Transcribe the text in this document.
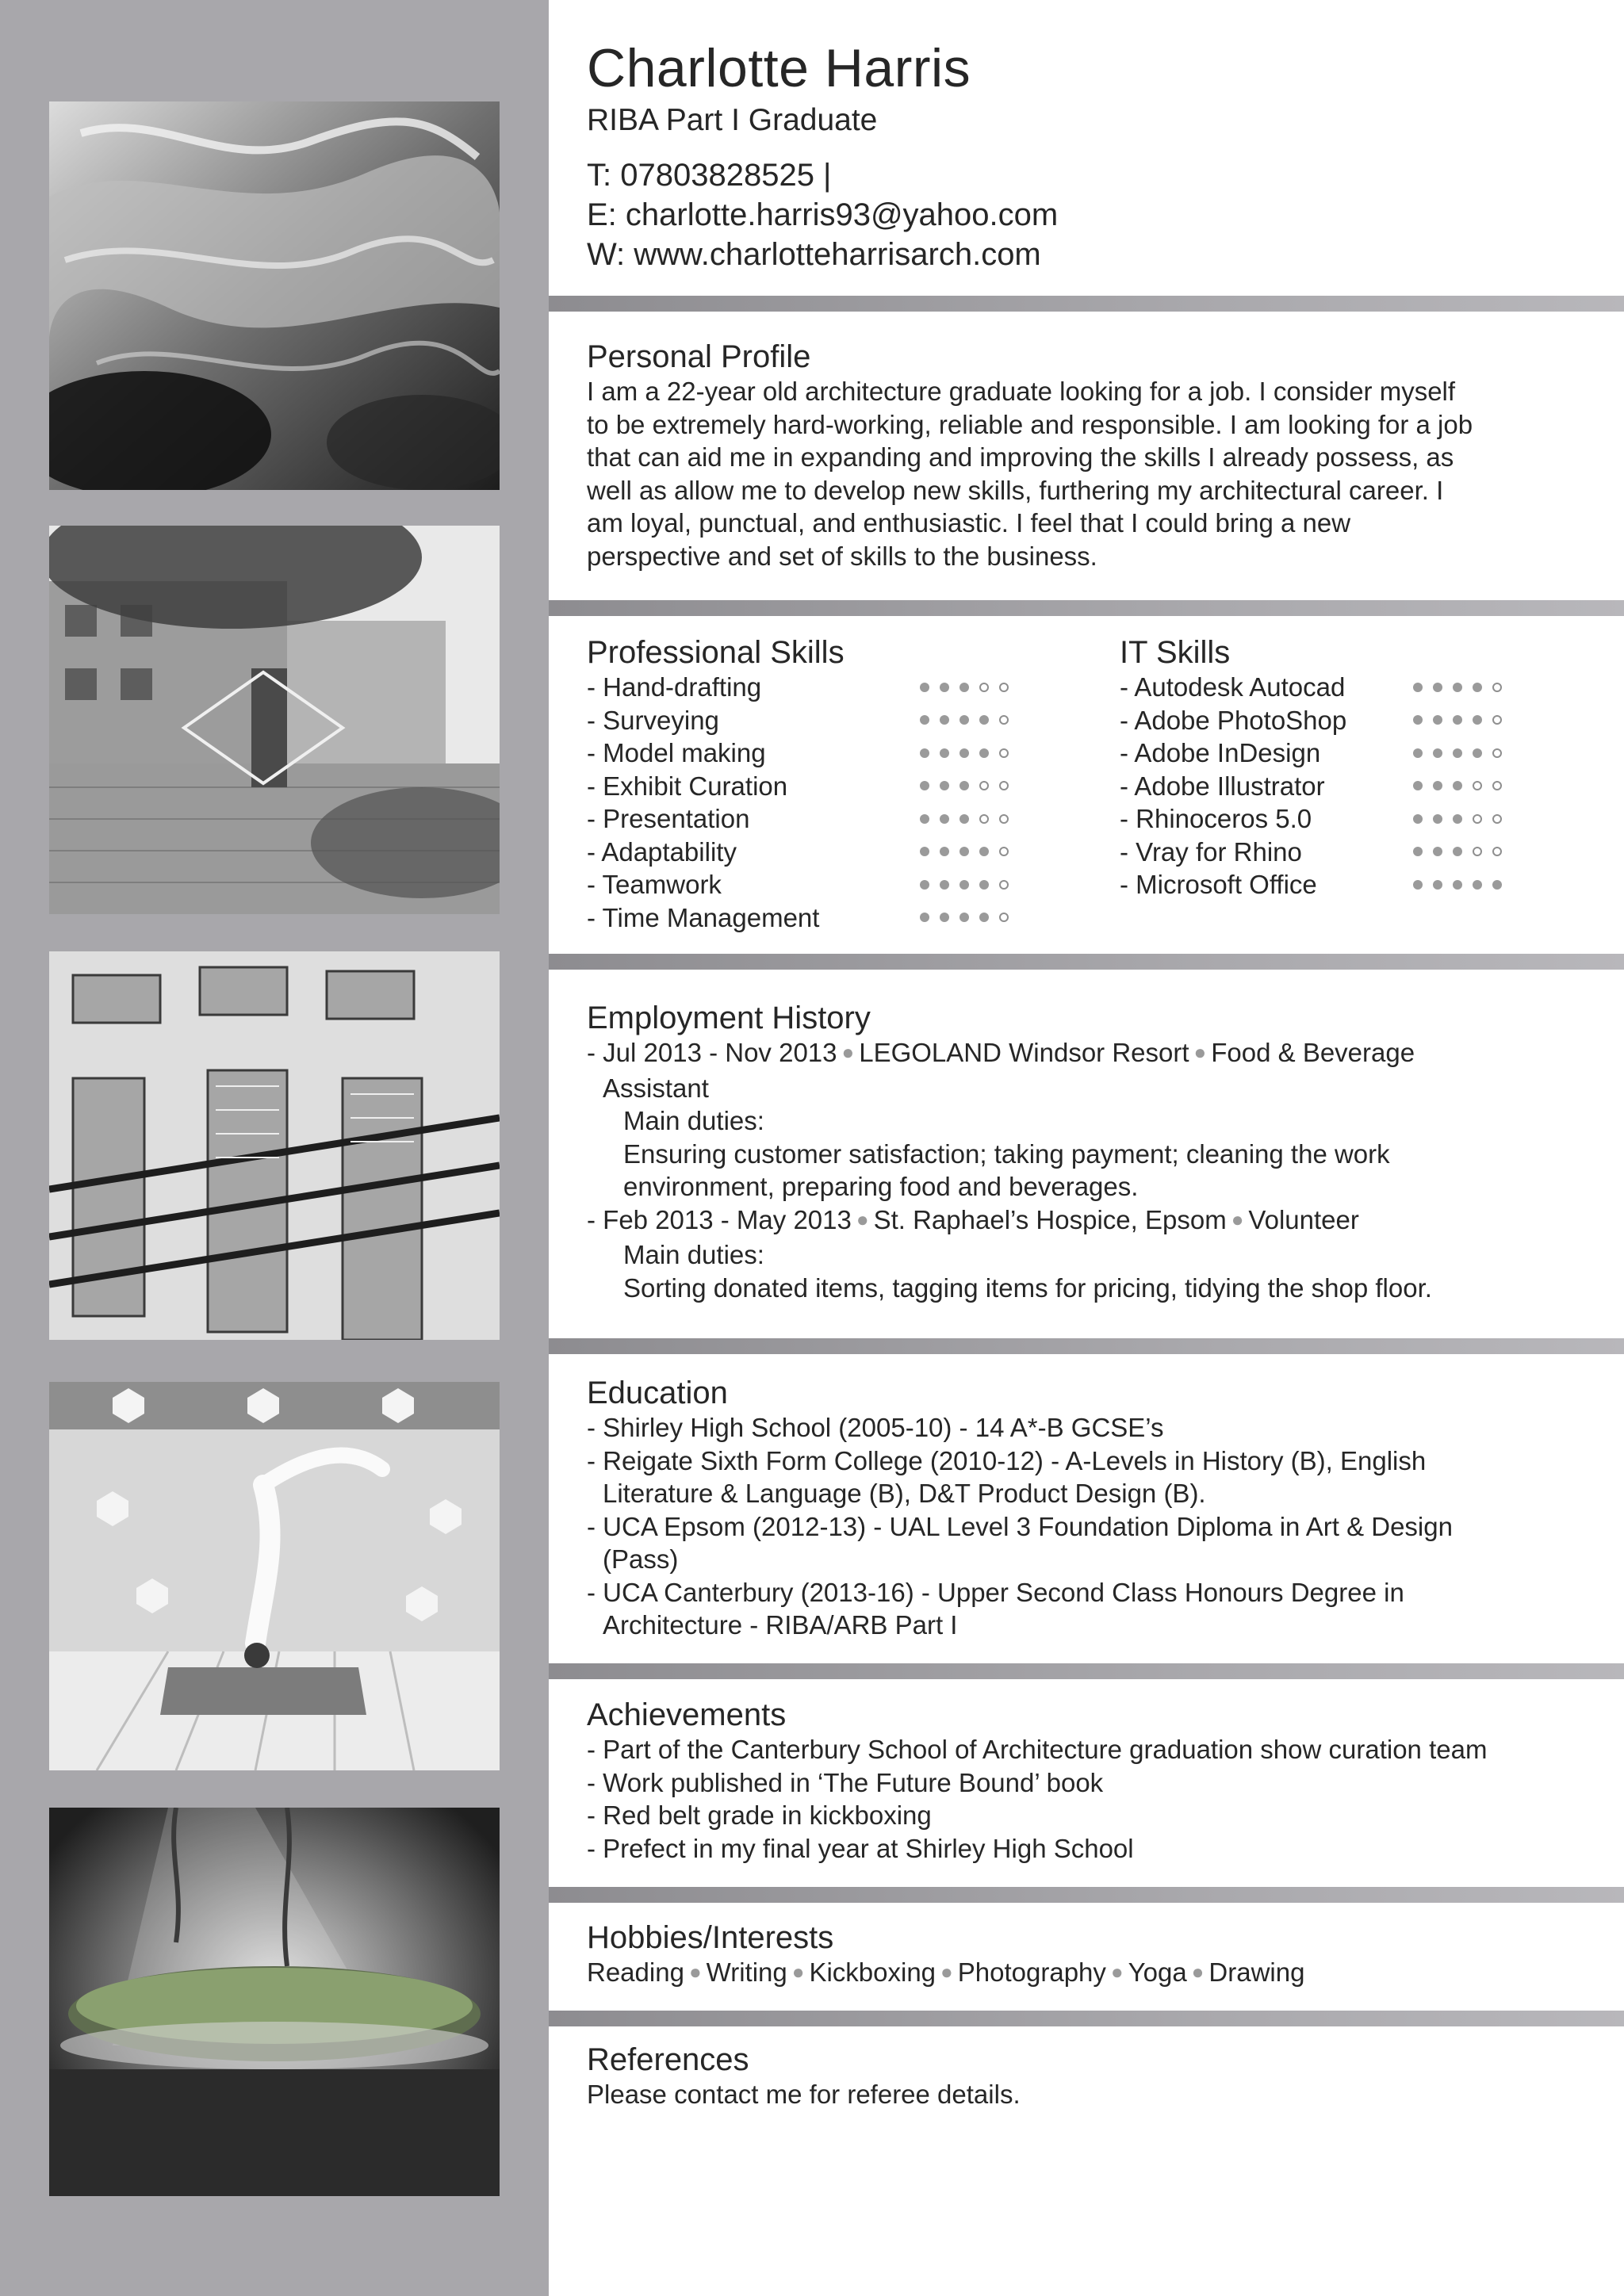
Charlotte Harris
RIBA Part I Graduate
T: 07803828525 |
E: charlotte.harris93@yahoo.com
W: www.charlotteharrisarch.com
Personal Profile
I am a 22-year old architecture graduate looking for a job. I consider myself
to be extremely hard-working, reliable and responsible. I am looking for a job
that can aid me in expanding and improving the skills I already possess, as
well as allow me to develop new skills, furthering my architectural career. I
am loyal, punctual, and enthusiastic. I feel that I could bring a new
perspective and set of skills to the business.
Professional Skills
- Hand-drafting
- Surveying
- Model making
- Exhibit Curation
- Presentation
- Adaptability
- Teamwork
- Time Management
IT Skills
- Autodesk Autocad
- Adobe PhotoShop
- Adobe InDesign
- Adobe Illustrator
- Rhinoceros 5.0
- Vray for Rhino
- Microsoft Office
Employment History
- Jul 2013 - Nov 2013 ● LEGOLAND Windsor Resort ● Food & Beverage
Assistant
Main duties:
Ensuring customer satisfaction; taking payment; cleaning the work
environment, preparing food and beverages.
- Feb 2013 - May 2013 ● St. Raphael’s Hospice, Epsom ● Volunteer
Main duties:
Sorting donated items, tagging items for pricing, tidying the shop floor.
Education
- Shirley High School (2005-10) - 14 A*-B GCSE’s
- Reigate Sixth Form College (2010-12) - A-Levels in History (B), English
Literature & Language (B), D&T Product Design (B).
- UCA Epsom (2012-13) - UAL Level 3 Foundation Diploma in Art & Design
(Pass)
- UCA Canterbury (2013-16) - Upper Second Class Honours Degree in
Architecture - RIBA/ARB Part I
Achievements
- Part of the Canterbury School of Architecture graduation show curation team
- Work published in ‘The Future Bound’ book
- Red belt grade in kickboxing
- Prefect in my final year at Shirley High School
Hobbies/Interests
Reading ● Writing ● Kickboxing ● Photography ● Yoga ● Drawing
References
Please contact me for referee details.
